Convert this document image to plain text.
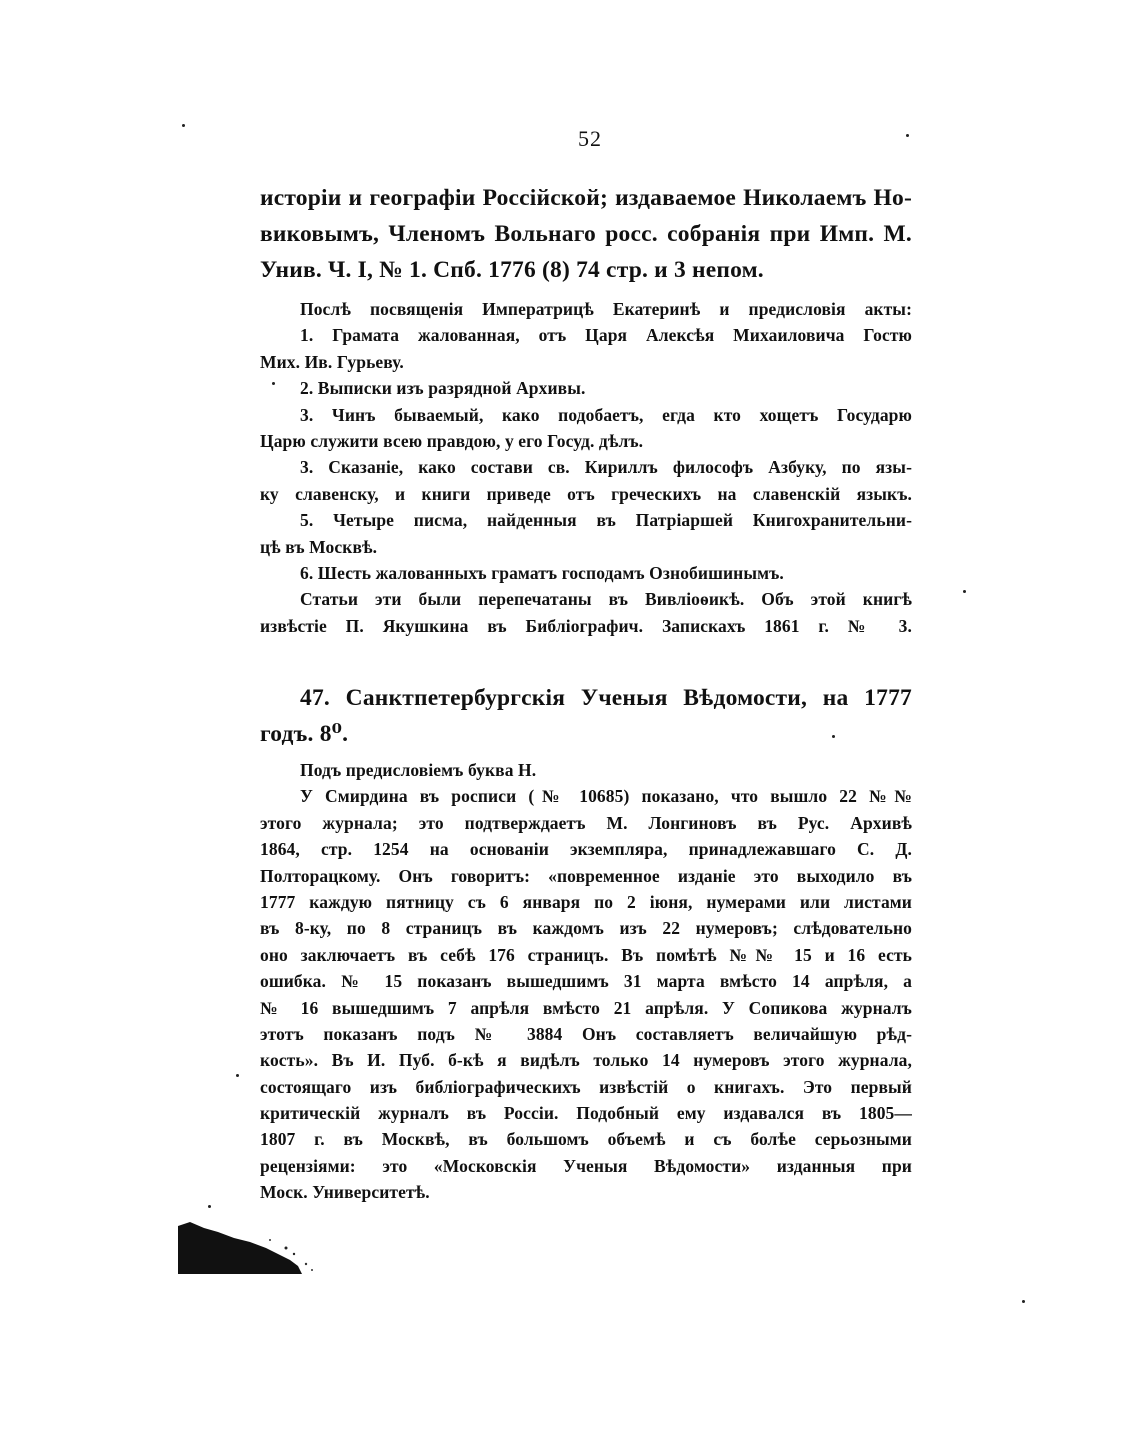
52
исторiи и географiи Россiйской; издаваемое Николаемъ Но-
виковымъ, Членомъ Вольнаго росс. собранiя при Имп. М.
Унив. Ч. I, № 1. Спб. 1776 (8) 74 стр. и 3 непом.
Послѣ посвященiя Императрицѣ Екатеринѣ и предисловiя акты:
1. Грамата жалованная, отъ Царя Алексѣя Михаиловича Гостю
Мих. Ив. Гурьеву.
2. Выписки изъ разрядной Архивы.
3. Чинъ бываемый, како подобаетъ, егда кто хощетъ Государю
Царю служити всею правдою, у его Госуд. дѣлъ.
3. Сказанiе, како состави св. Кириллъ философъ Азбуку, по язы-
ку славенску, и книги приведе отъ греческихъ на славенскiй языкъ.
5. Четыре писма, найденныя въ Патрiаршей Книгохранительни-
цѣ въ Москвѣ.
6. Шесть жалованныхъ граматъ господамъ Ознобишинымъ.
Статьи эти были перепечатаны въ Вивлiоѳикѣ. Объ этой книгѣ
извѣстiе П. Якушкина въ Библiографич. Запискахъ 1861 г. № 3.
47. Санктпетербургскiя Ученыя Вѣдомости, на 1777
годъ. 8⁰.
Подъ предисловiемъ буква Н.
У Смирдина въ росписи (№ 10685) показано, что вышло 22 №№
этого журнала; это подтверждаетъ М. Лонгиновъ въ Рус. Архивѣ
1864, стр. 1254 на основанiи экземпляра, принадлежавшаго С. Д.
Полторацкому. Онъ говоритъ: «повременное изданiе это выходило въ
1777 каждую пятницу съ 6 января по 2 iюня, нумерами или листами
въ 8-ку, по 8 страницъ въ каждомъ изъ 22 нумеровъ; слѣдовательно
оно заключаетъ въ себѣ 176 страницъ. Въ помѣтѣ №№ 15 и 16 есть
ошибка. № 15 показанъ вышедшимъ 31 марта вмѣсто 14 апрѣля, а
№ 16 вышедшимъ 7 апрѣля вмѣсто 21 апрѣля. У Сопикова журналъ
этотъ показанъ подъ № 3884 Онъ составляетъ величайшую рѣд-
кость». Въ И. Пуб. б-кѣ я видѣлъ только 14 нумеровъ этого журнала,
состоящаго изъ библiографическихъ извѣстiй о книгахъ. Это первый
критическiй журналъ въ Россiи. Подобный ему издавался въ 1805—
1807 г. въ Москвѣ, въ большомъ объемѣ и съ болѣе серьозными
рецензiями: это «Московскiя Ученыя Вѣдомости» изданныя при
Моск. Университетѣ.
